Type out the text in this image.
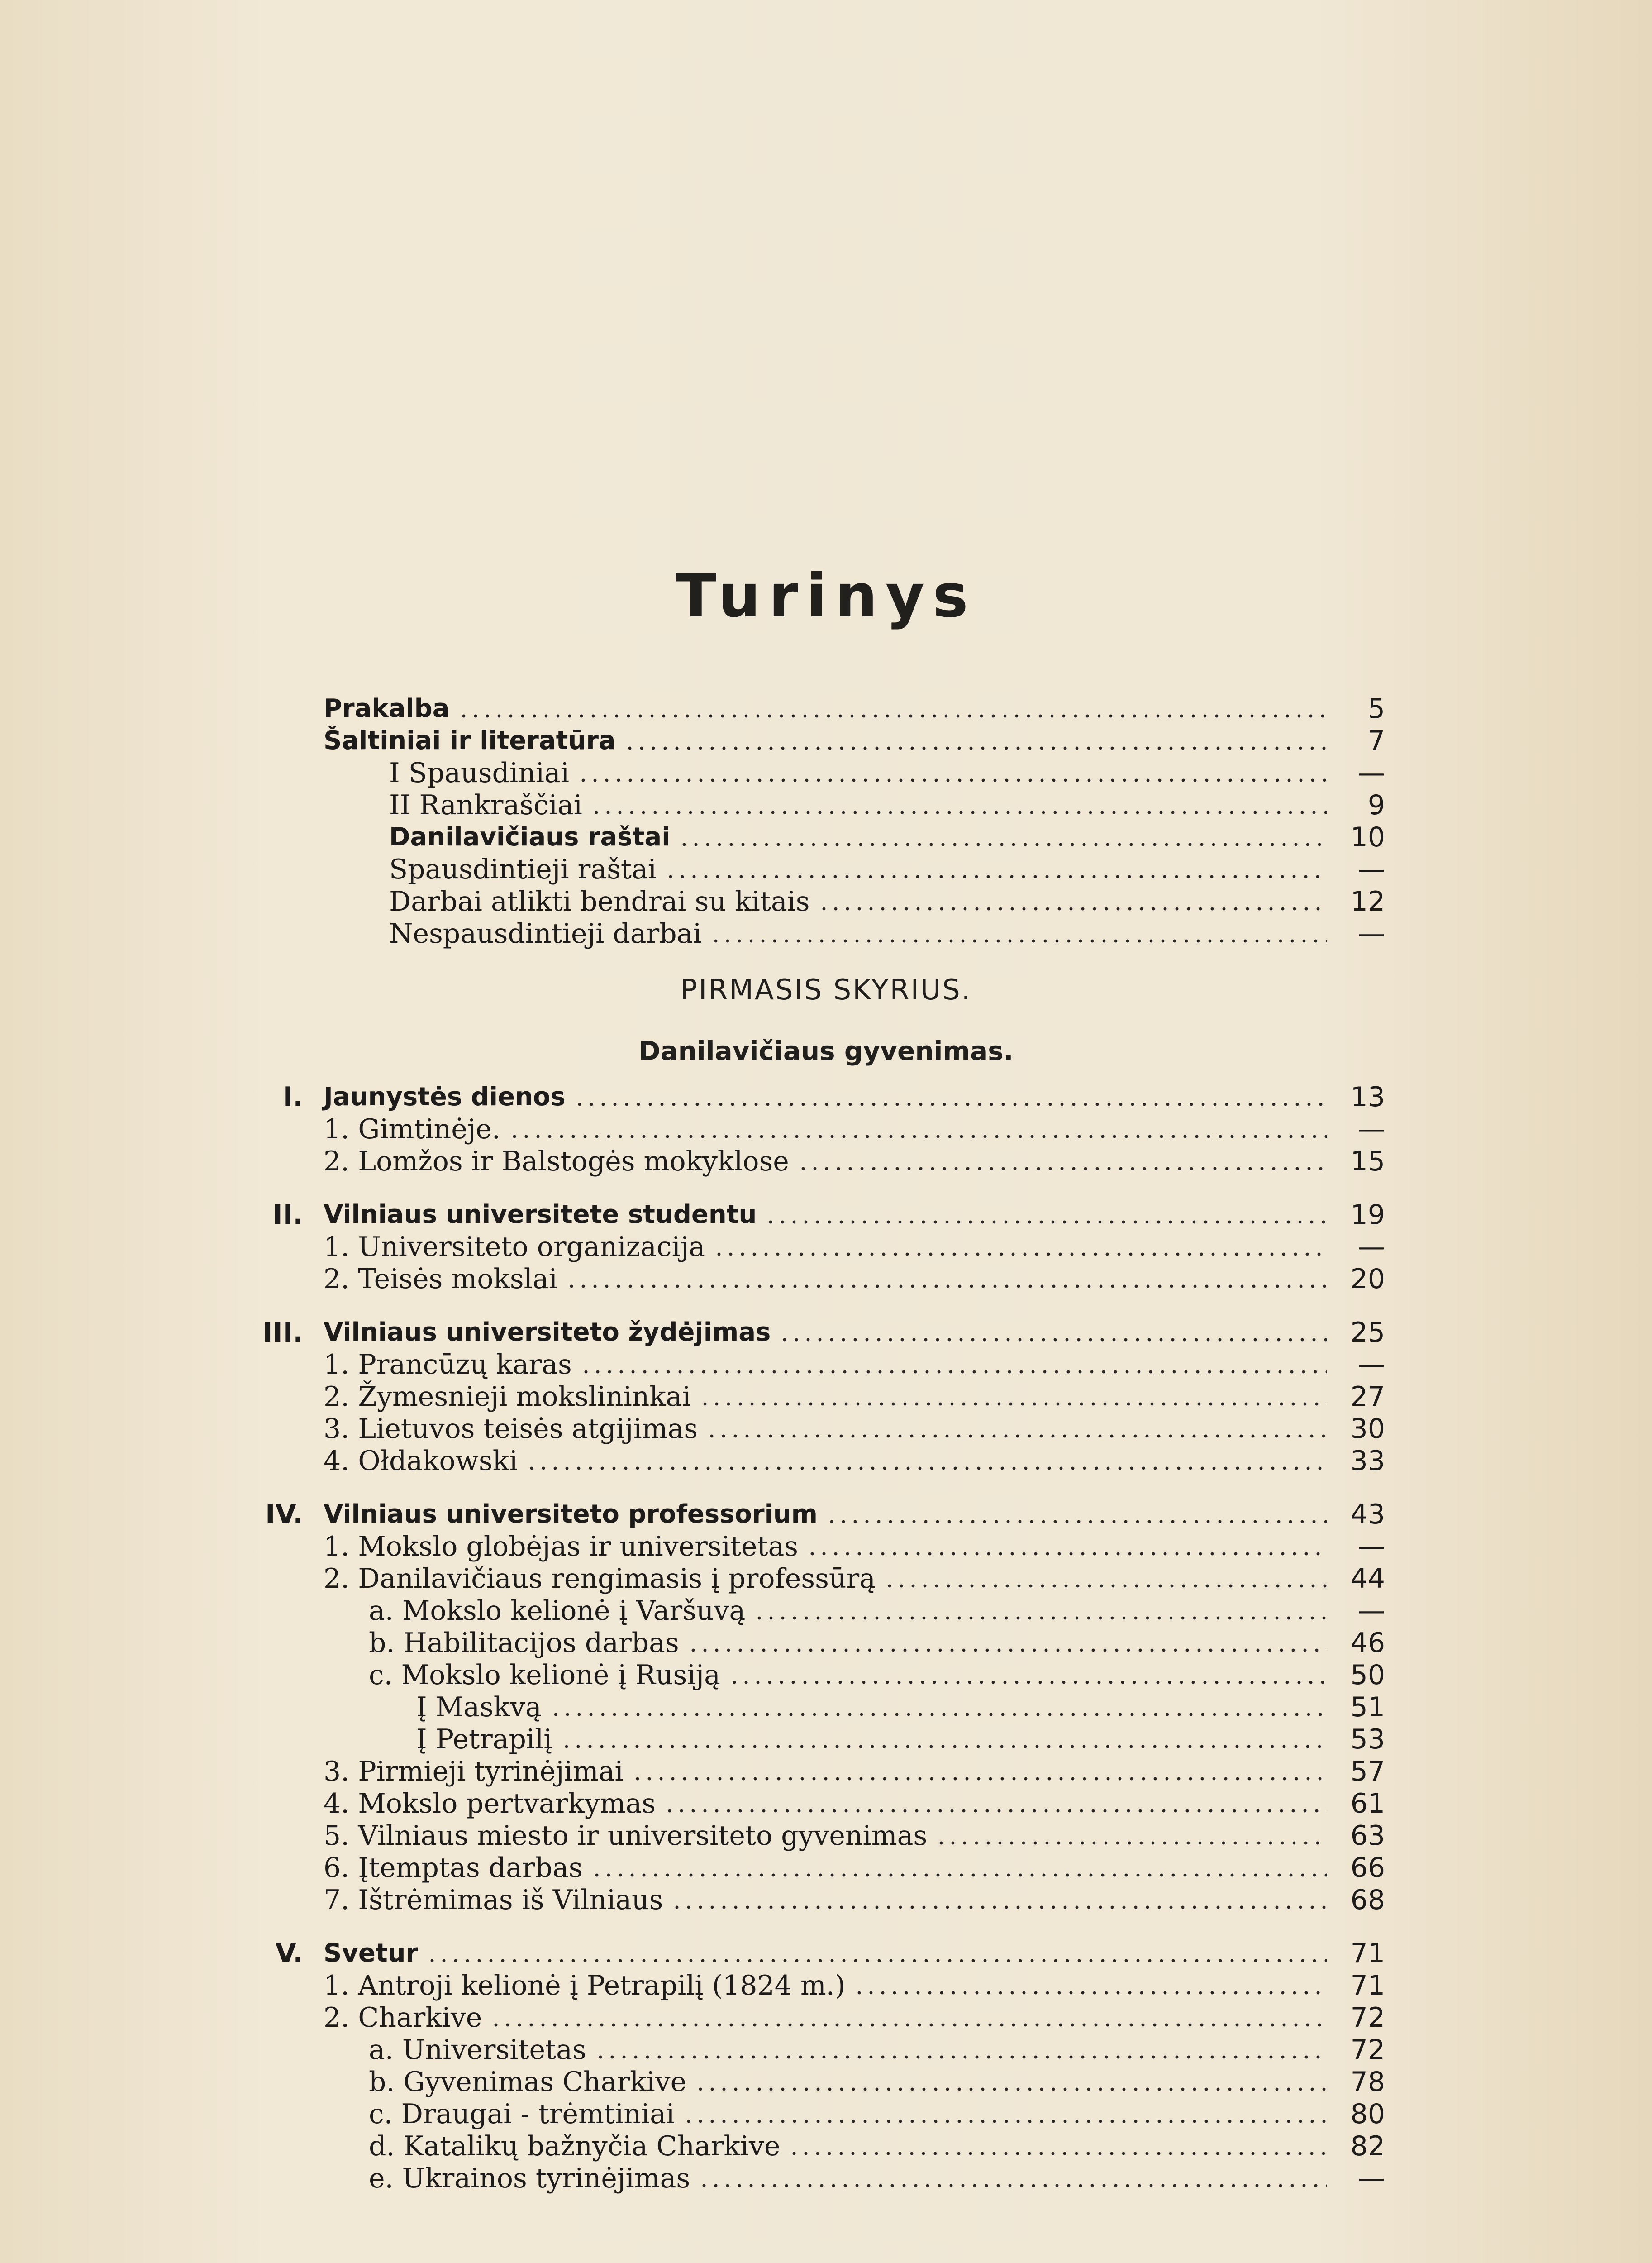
Turinys
Prakalba	5
Šaltiniai ir literatūra	7
I Spausdiniai	—
II Rankraščiai	9
Danilavičiaus raštai	10
Spausdintieji raštai	—
Darbai atlikti bendrai su kitais	12
Nespausdintieji darbai	—
I. Jaunystės dienos	13
1. Gimtinėje.	—
2. Lomžos ir Balstogės mokyklose	15
II. Vilniaus universitete studentu	19
1. Universiteto organizacija	—
2. Teisės mokslai	20
III. Vilniaus universiteto žydėjimas	25
1. Prancūzų karas	—
2. Žymesnieji mokslininkai	27
3. Lietuvos teisės atgijimas	30
4. Ołdakowski	33
IV. Vilniaus universiteto professorium	43
1. Mokslo globėjas ir universitetas	—
2. Danilavičiaus rengimasis į professūrą	44
a. Mokslo kelionė į Varšuvą	—
b. Habilitacijos darbas	46
c. Mokslo kelionė į Rusiją	50
Į Maskvą	51
Į Petrapilį	53
3. Pirmieji tyrinėjimai	57
4. Mokslo pertvarkymas	61
5. Vilniaus miesto ir universiteto gyvenimas	63
6. Įtemptas darbas	66
7. Ištrėmimas iš Vilniaus	68
V. Svetur	71
1. Antroji kelionė į Petrapilį (1824 m.)	71
2. Charkive	72
a. Universitetas	72
b. Gyvenimas Charkive	78
c. Draugai - trėmtiniai	80
d. Katalikų bažnyčia Charkive	82
e. Ukrainos tyrinėjimas	—
PIRMASIS SKYRIUS.
Danilavičiaus gyvenimas.
